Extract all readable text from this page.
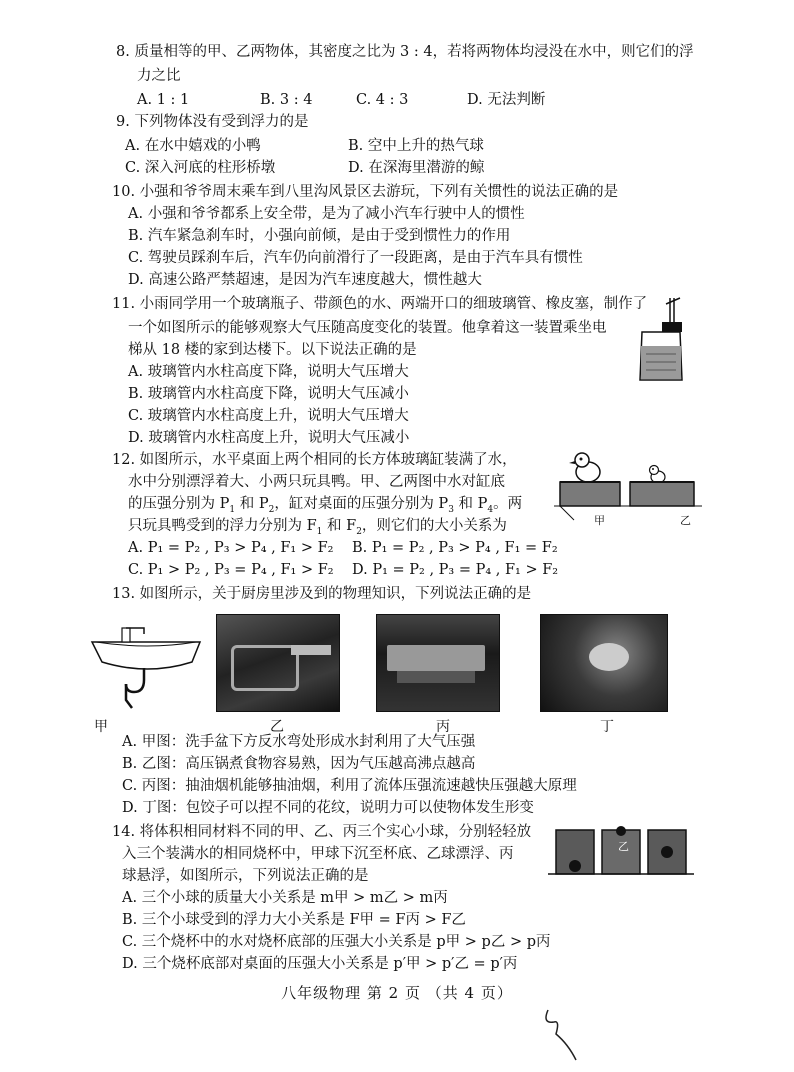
8. 质量相等的甲、乙两物体，其密度之比为 3 : 4，若将两物体均浸没在水中，则它们的浮
力之比
A. 1 : 1	B. 3 : 4	C. 4 : 3	D. 无法判断
9. 下列物体没有受到浮力的是
A. 在水中嬉戏的小鸭	B. 空中上升的热气球
C. 深入河底的柱形桥墩	D. 在深海里潜游的鲸
10. 小强和爷爷周末乘车到八里沟风景区去游玩，下列有关惯性的说法正确的是
A. 小强和爷爷都系上安全带，是为了减小汽车行驶中人的惯性
B. 汽车紧急刹车时，小强向前倾，是由于受到惯性力的作用
C. 驾驶员踩刹车后，汽车仍向前滑行了一段距离，是由于汽车具有惯性
D. 高速公路严禁超速，是因为汽车速度越大，惯性越大
11. 小雨同学用一个玻璃瓶子、带颜色的水、两端开口的细玻璃管、橡皮塞，制作了
一个如图所示的能够观察大气压随高度变化的装置。他拿着这一装置乘坐电
梯从 18 楼的家到达楼下。以下说法正确的是
A. 玻璃管内水柱高度下降，说明大气压增大
B. 玻璃管内水柱高度下降，说明大气压减小
C. 玻璃管内水柱高度上升，说明大气压增大
D. 玻璃管内水柱高度上升，说明大气压减小
12. 如图所示，水平桌面上两个相同的长方体玻璃缸装满了水，
水中分别漂浮着大、小两只玩具鸭。甲、乙两图中水对缸底
的压强分别为 $P_1$ 和 $P_2$，缸对桌面的压强分别为 $P_3$ 和 $P_4$。两
只玩具鸭受到的浮力分别为 $F_1$ 和 $F_2$，则它们的大小关系为
A. P₁ = P₂ , P₃ > P₄ , F₁ > F₂ B. P₁ = P₂ , P₃ > P₄ , F₁ = F₂
C. P₁ > P₂ , P₃ = P₄ , F₁ > F₂ D. P₁ = P₂ , P₃ = P₄ , F₁ > F₂
甲	乙
13. 如图所示，关于厨房里涉及到的物理知识，下列说法正确的是
甲	乙	丙	丁
A. 甲图：洗手盆下方反水弯处形成水封利用了大气压强
B. 乙图：高压锅煮食物容易熟，因为气压越高沸点越高
C. 丙图：抽油烟机能够抽油烟，利用了流体压强流速越快压强越大原理
D. 丁图：包饺子可以捏不同的花纹，说明力可以使物体发生形变
14. 将体积相同材料不同的甲、乙、丙三个实心小球，分别轻轻放
入三个装满水的相同烧杯中，甲球下沉至杯底、乙球漂浮、丙
球悬浮，如图所示，下列说法正确的是
A. 三个小球的质量大小关系是 m甲 > m乙 > m丙
B. 三个小球受到的浮力大小关系是 F甲 = F丙 > F乙
C. 三个烧杯中的水对烧杯底部的压强大小关系是 p甲 > p乙 > p丙
D. 三个烧杯底部对桌面的压强大小关系是 p′甲 > p′乙 = p′丙
乙
八年级物理 第 2 页 （共 4 页）
